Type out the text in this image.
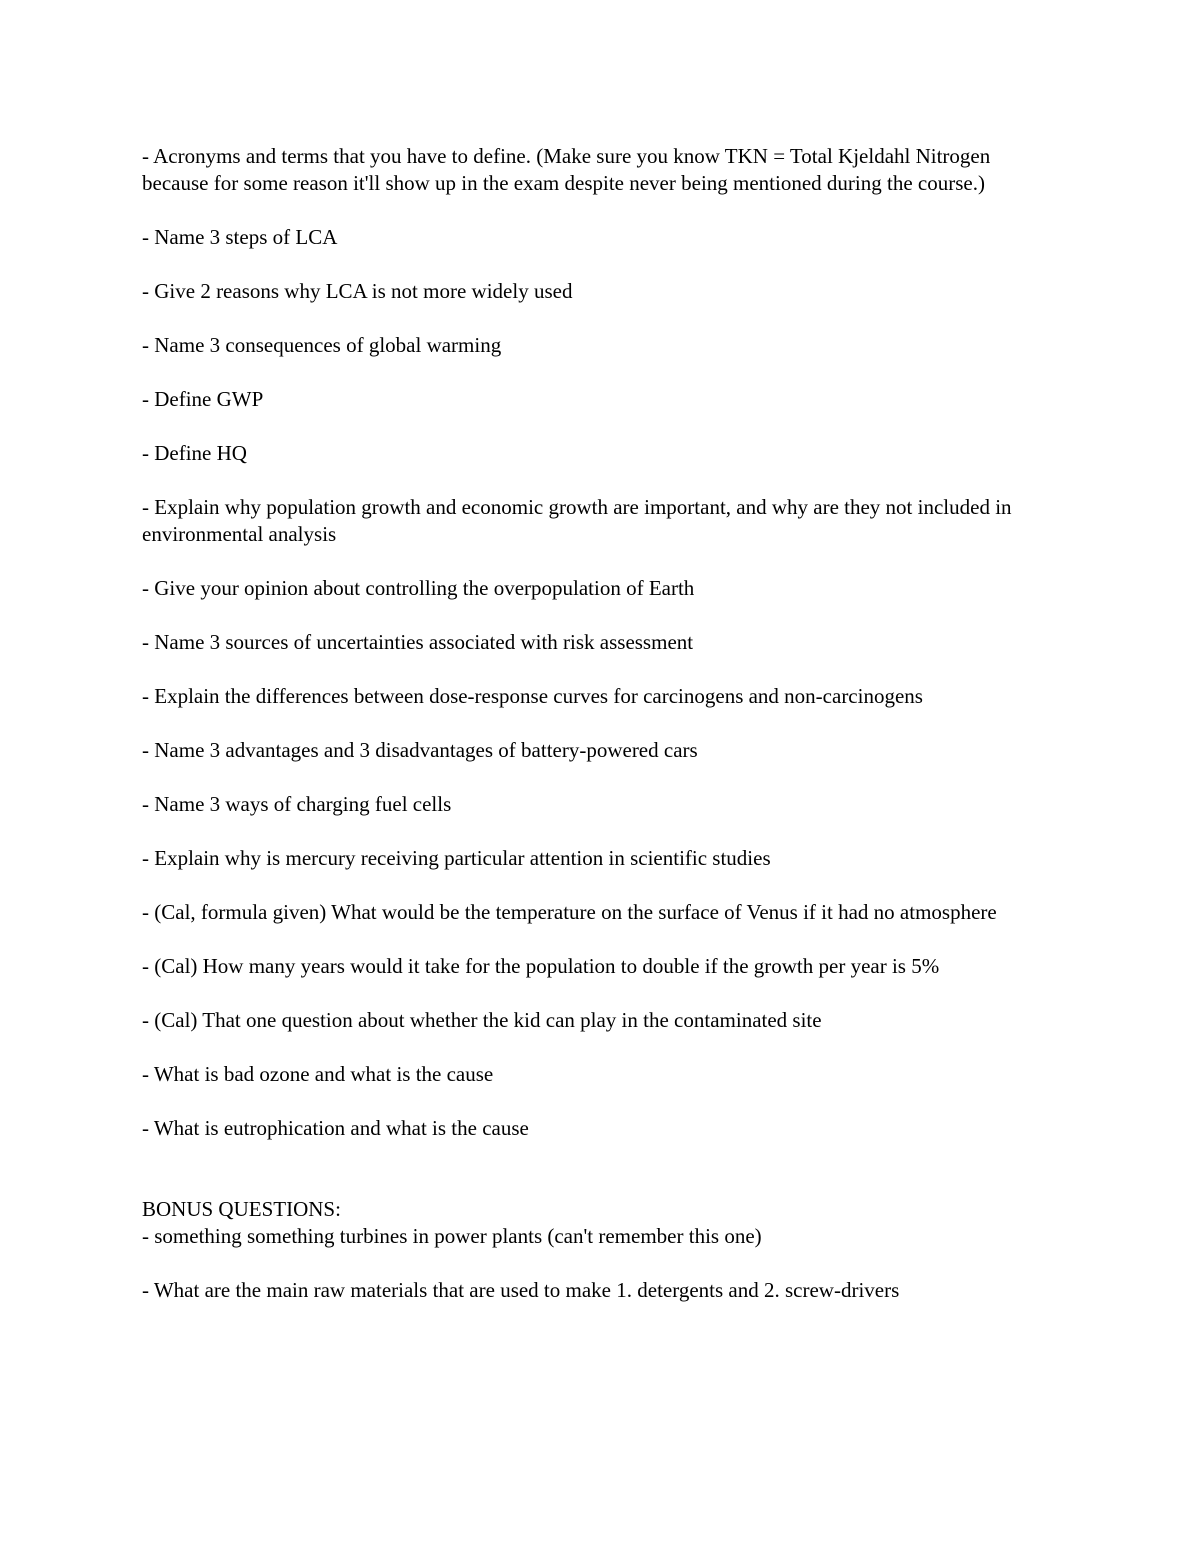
- Acronyms and terms that you have to define. (Make sure you know TKN = Total Kjeldahl Nitrogen because for some reason it'll show up in the exam despite never being mentioned during the course.)

- Name 3 steps of LCA

- Give 2 reasons why LCA is not more widely used

- Name 3 consequences of global warming

- Define GWP

- Define HQ

- Explain why population growth and economic growth are important, and why are they not included in environmental analysis

- Give your opinion about controlling the overpopulation of Earth

- Name 3 sources of uncertainties associated with risk assessment

- Explain the differences between dose-response curves for carcinogens and non-carcinogens

- Name 3 advantages and 3 disadvantages of battery-powered cars

- Name 3 ways of charging fuel cells

- Explain why is mercury receiving particular attention in scientific studies

- (Cal, formula given) What would be the temperature on the surface of Venus if it had no atmosphere

- (Cal) How many years would it take for the population to double if the growth per year is 5%

- (Cal) That one question about whether the kid can play in the contaminated site

- What is bad ozone and what is the cause

- What is eutrophication and what is the cause

BONUS QUESTIONS:

- something something turbines in power plants (can't remember this one)

- What are the main raw materials that are used to make 1. detergents and 2. screw-drivers
